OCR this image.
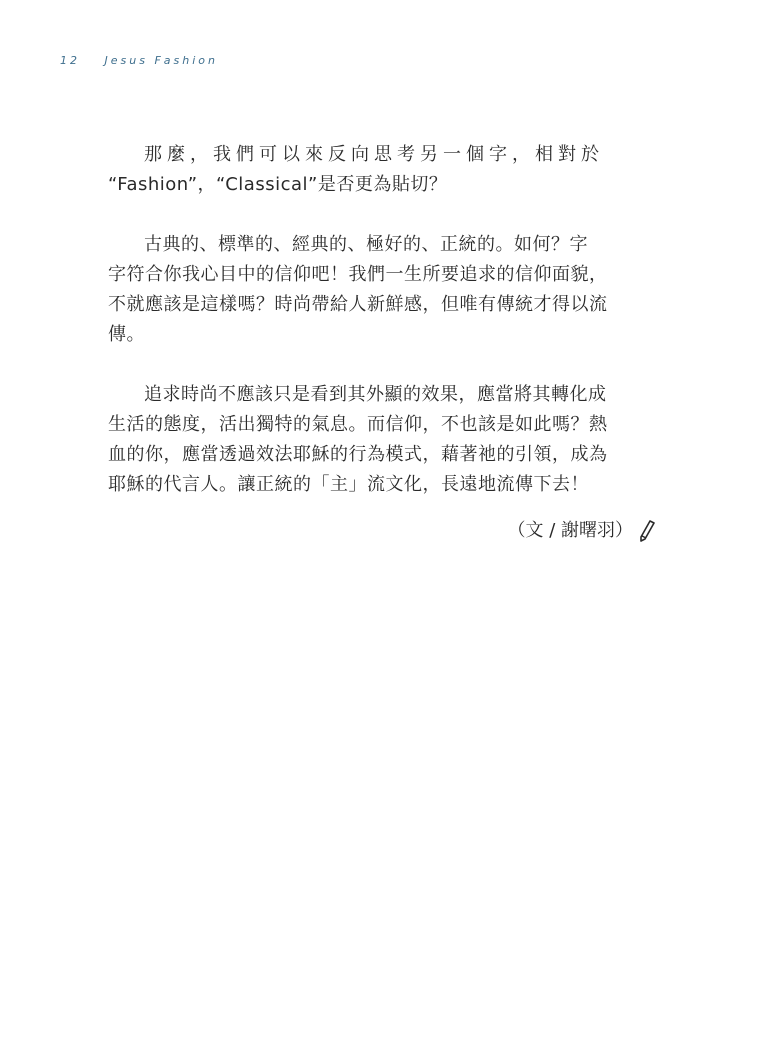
12 Jesus Fashion

那麼，我們可以來反向思考另一個字，相對於
“Fashion”，“Classical”是否更為貼切？

古典的、標準的、經典的、極好的、正統的。如何？字
字符合你我心目中的信仰吧！我們一生所要追求的信仰面貌，
不就應該是這樣嗎？時尚帶給人新鮮感，但唯有傳統才得以流
傳。

追求時尚不應該只是看到其外顯的效果，應當將其轉化成
生活的態度，活出獨特的氣息。而信仰，不也該是如此嗎？熱
血的你，應當透過效法耶穌的行為模式，藉著祂的引領，成為
耶穌的代言人。讓正統的「主」流文化，長遠地流傳下去！

（文 / 謝曙羽）
